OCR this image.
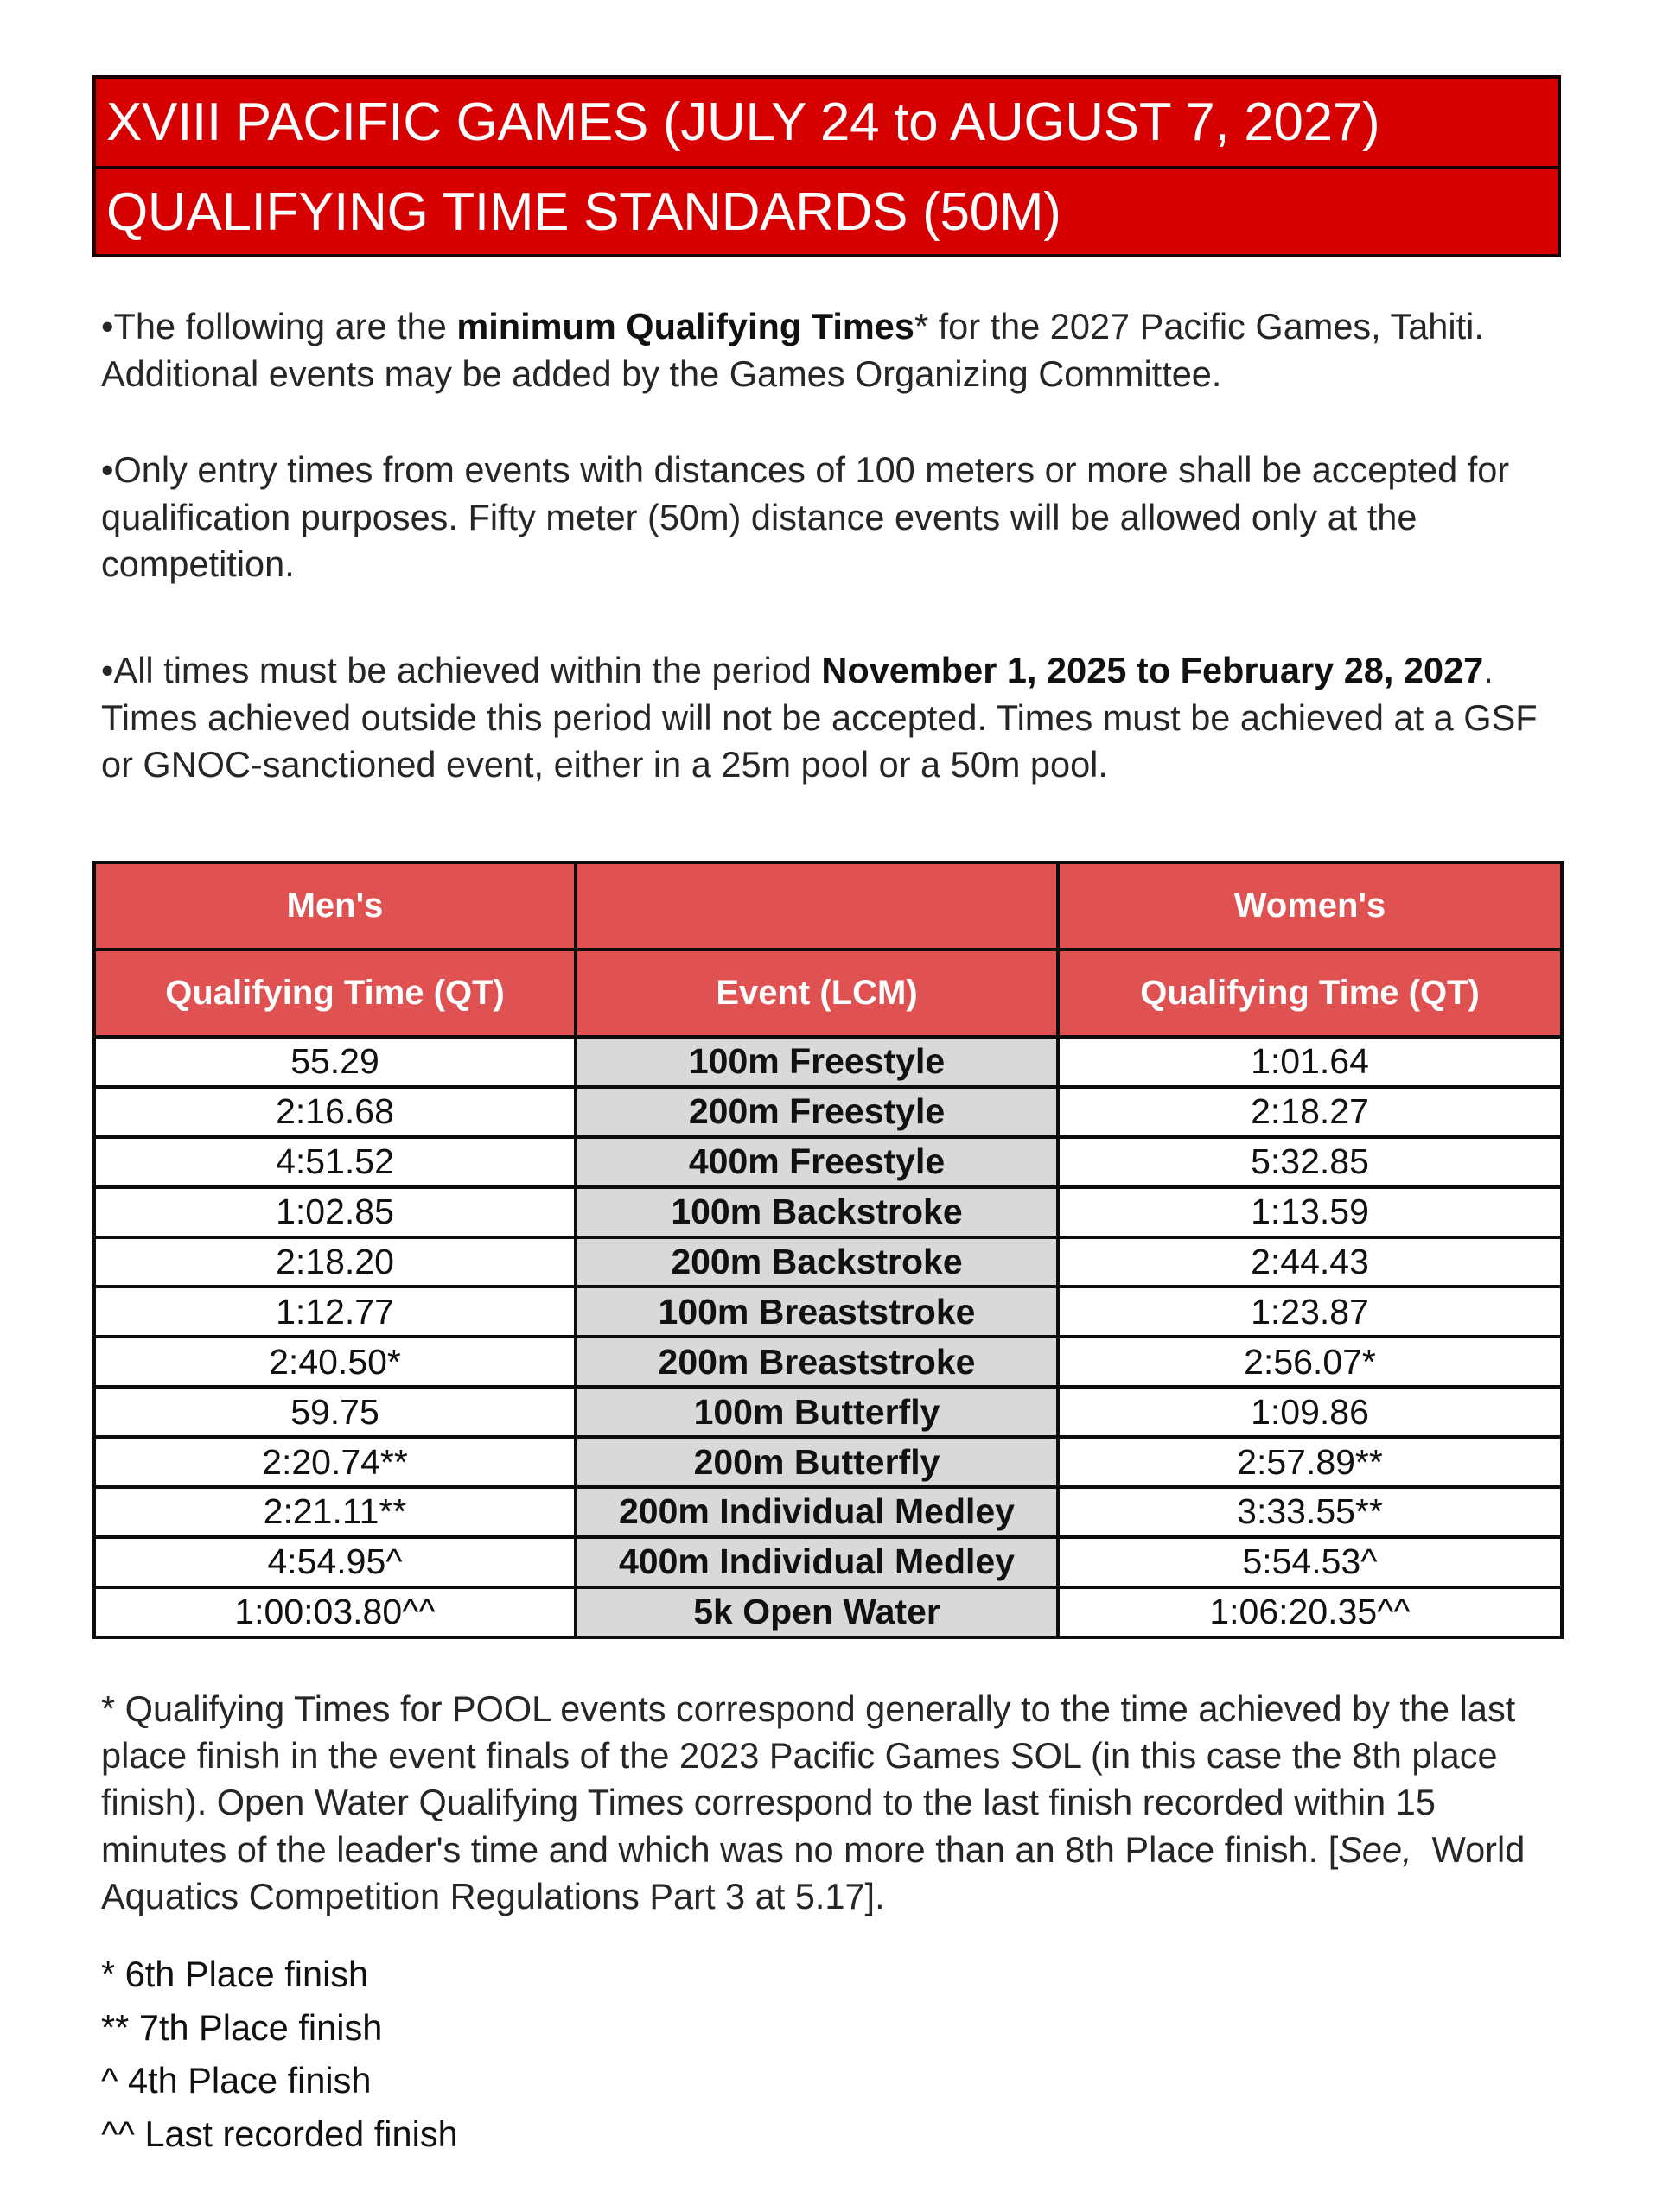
XVIII PACIFIC GAMES (JULY 24 to AUGUST 7, 2027)
QUALIFYING TIME STANDARDS (50M)

•The following are the minimum Qualifying Times* for the 2027 Pacific Games, Tahiti. Additional events may be added by the Games Organizing Committee.

•Only entry times from events with distances of 100 meters or more shall be accepted for qualification purposes. Fifty meter (50m) distance events will be allowed only at the competition.

•All times must be achieved within the period November 1, 2025 to February 28, 2027. Times achieved outside this period will not be accepted. Times must be achieved at a GSF or GNOC-sanctioned event, either in a 25m pool or a 50m pool.

Men's		Women's
Qualifying Time (QT)	Event (LCM)	Qualifying Time (QT)
55.29	100m Freestyle	1:01.64
2:16.68	200m Freestyle	2:18.27
4:51.52	400m Freestyle	5:32.85
1:02.85	100m Backstroke	1:13.59
2:18.20	200m Backstroke	2:44.43
1:12.77	100m Breaststroke	1:23.87
2:40.50*	200m Breaststroke	2:56.07*
59.75	100m Butterfly	1:09.86
2:20.74**	200m Butterfly	2:57.89**
2:21.11**	200m Individual Medley	3:33.55**
4:54.95^	400m Individual Medley	5:54.53^
1:00:03.80^^	5k Open Water	1:06:20.35^^

* Qualifying Times for POOL events correspond generally to the time achieved by the last place finish in the event finals of the 2023 Pacific Games SOL (in this case the 8th place finish). Open Water Qualifying Times correspond to the last finish recorded within 15 minutes of the leader's time and which was no more than an 8th Place finish. [See,  World Aquatics Competition Regulations Part 3 at 5.17].

* 6th Place finish
** 7th Place finish
^ 4th Place finish
^^ Last recorded finish
